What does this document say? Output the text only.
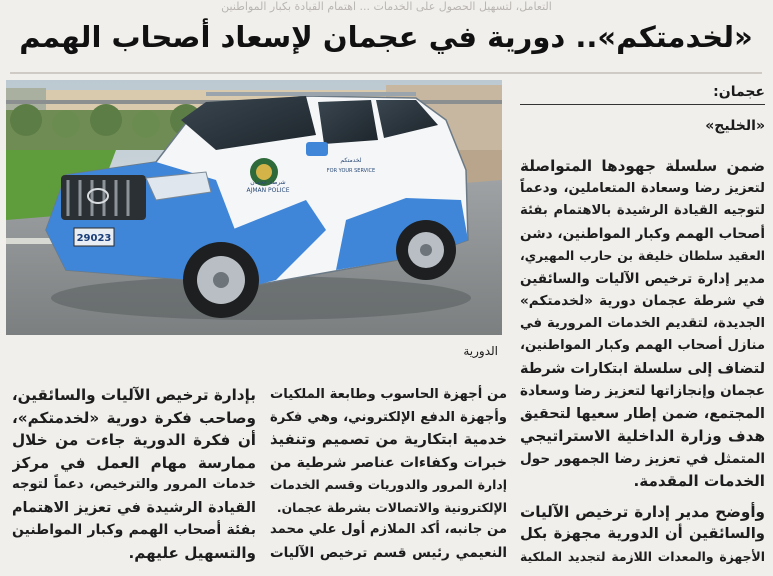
التعامل، لتسهيل الحصول على الخدمات ... اهتمام القيادة بكبار المواطنين
«لخدمتكم».. دورية في عجمان لإسعاد أصحاب الهمم
29023
AJMAN POLICE
لخدمتكم
FOR YOUR SERVICE
شرطة عجمان
الدورية
عجمان:
«الخليج»
ضمن سلسلة جهودها المتواصلة
لتعزيز رضا وسعادة المتعاملين، ودعماً
لتوجيه القيادة الرشيدة بالاهتمام بفئة
أصحاب الهمم وكبار المواطنين، دشن
العقيد سلطان خليفة بن حارب المهيري،
مدير إدارة ترخيص الآليات والسائقين
في شرطة عجمان دورية «لخدمتكم»
الجديدة، لتقديم الخدمات المرورية في
منازل أصحاب الهمم وكبار المواطنين،
لتضاف إلى سلسلة ابتكارات شرطة
عجمان وإنجازاتها لتعزيز رضا وسعادة
المجتمع، ضمن إطار سعيها لتحقيق
هدف وزارة الداخلية الاستراتيجي
المتمثل في تعزيز رضا الجمهور حول
الخدمات المقدمة.
وأوضح مدير إدارة ترخيص الآليات
والسائقين أن الدورية مجهزة بكل
الأجهزة والمعدات اللازمة لتجديد الملكية
من أجهزة الحاسوب وطابعة الملكيات
وأجهزة الدفع الإلكتروني، وهي فكرة
خدمية ابتكارية من تصميم وتنفيذ
خبرات وكفاءات عناصر شرطية من
إدارة المرور والدوريات وقسم الخدمات
الإلكترونية والاتصالات بشرطة عجمان.
من جانبه، أكد الملازم أول علي محمد
النعيمي رئيس قسم ترخيص الآليات
بإدارة ترخيص الآليات والسائقين،
وصاحب فكرة دورية «لخدمتكم»،
أن فكرة الدورية جاءت من خلال
ممارسة مهام العمل في مركز
خدمات المرور والترخيص، دعماً لتوجه
القيادة الرشيدة في تعزيز الاهتمام
بفئة أصحاب الهمم وكبار المواطنين
والتسهيل عليهم.
